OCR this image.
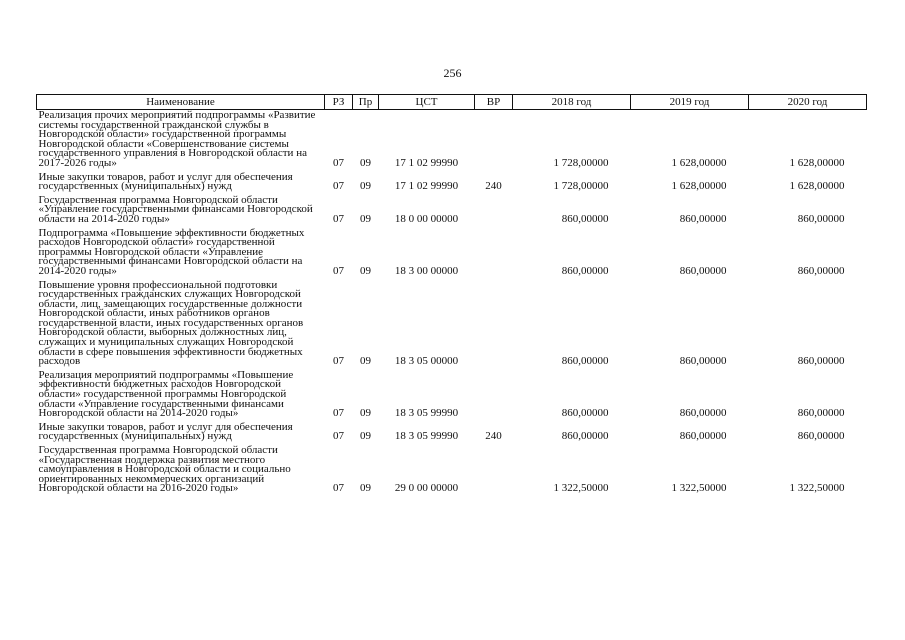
256
Наименование	РЗ	Пр	ЦСТ	ВР	2018 год	2019 год	2020 год
Реализация прочих мероприятий подпрограммы «Развитие системы государственной гражданской службы в Новгородской области» государственной программы Новгородской области «Совершенствование системы государственного управления в Новгородской области на 2017-2026 годы»	07	09	17 1 02 99990		1 728,00000	1 628,00000	1 628,00000
Иные закупки товаров, работ и услуг для обеспечения государственных (муниципальных) нужд	07	09	17 1 02 99990	240	1 728,00000	1 628,00000	1 628,00000
Государственная программа Новгородской области «Управление государственными финансами Новгородской области на 2014-2020 годы»	07	09	18 0 00 00000		860,00000	860,00000	860,00000
Подпрограмма «Повышение эффективности бюджетных расходов Новгородской области» государственной программы Новгородской области «Управление государственными финансами Новгородской области на 2014-2020 годы»	07	09	18 3 00 00000		860,00000	860,00000	860,00000
Повышение уровня профессиональной подготовки государственных гражданских служащих Новгородской области, лиц, замещающих государственные должности Новгородской области, иных работников органов государственной власти, иных государственных органов Новгородской области, выборных должностных лиц, служащих и муниципальных служащих Новгородской области в сфере повышения эффективности бюджетных расходов	07	09	18 3 05 00000		860,00000	860,00000	860,00000
Реализация мероприятий подпрограммы «Повышение эффективности бюджетных расходов Новгородской области» государственной программы Новгородской области «Управление государственными финансами Новгородской области на 2014-2020 годы»	07	09	18 3 05 99990		860,00000	860,00000	860,00000
Иные закупки товаров, работ и услуг для обеспечения государственных (муниципальных) нужд	07	09	18 3 05 99990	240	860,00000	860,00000	860,00000
Государственная программа Новгородской области «Государственная поддержка развития местного самоуправления в Новгородской области и социально ориентированных некоммерческих организаций Новгородской области на 2016-2020 годы»	07	09	29 0 00 00000		1 322,50000	1 322,50000	1 322,50000
